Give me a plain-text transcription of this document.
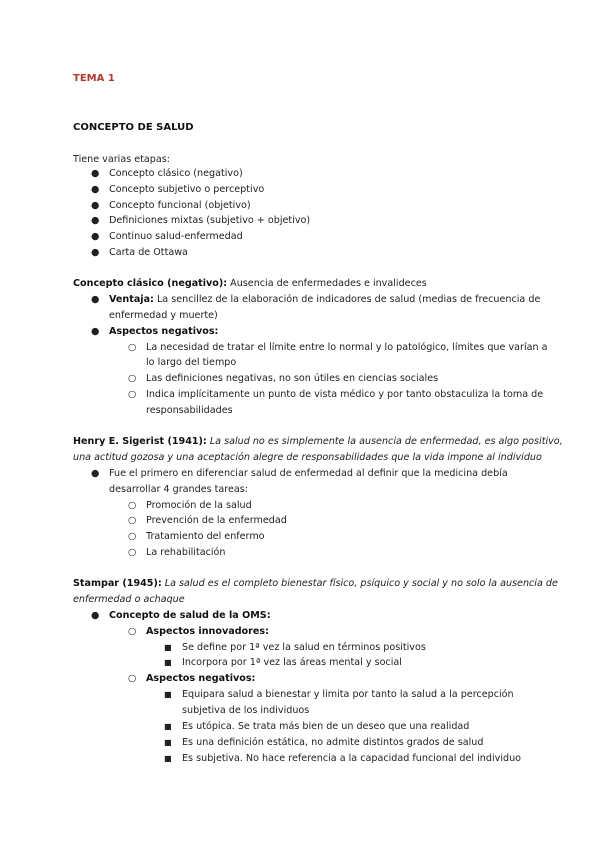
TEMA 1
CONCEPTO DE SALUD
Tiene varias etapas:
● Concepto clásico (negativo)
● Concepto subjetivo o perceptivo
● Concepto funcional (objetivo)
● Definiciones mixtas (subjetivo + objetivo)
● Continuo salud-enfermedad
● Carta de Ottawa
Concepto clásico (negativo): Ausencia de enfermedades e invalideces
● Ventaja: La sencillez de la elaboración de indicadores de salud (medias de frecuencia de
enfermedad y muerte)
● Aspectos negativos:
○ La necesidad de tratar el límite entre lo normal y lo patológico, límites que varían a
lo largo del tiempo
○ Las definiciones negativas, no son útiles en ciencias sociales
○ Indica implícitamente un punto de vista médico y por tanto obstaculiza la toma de
responsabilidades
Henry E. Sigerist (1941): La salud no es simplemente la ausencia de enfermedad, es algo positivo,
una actitud gozosa y una aceptación alegre de responsabilidades que la vida impone al individuo
● Fue el primero en diferenciar salud de enfermedad al definir que la medicina debía
desarrollar 4 grandes tareas:
○ Promoción de la salud
○ Prevención de la enfermedad
○ Tratamiento del enfermo
○ La rehabilitación
Stampar (1945): La salud es el completo bienestar físico, psíquico y social y no solo la ausencia de
enfermedad o achaque
● Concepto de salud de la OMS:
○ Aspectos innovadores:
■ Se define por 1ª vez la salud en términos positivos
■ Incorpora por 1ª vez las áreas mental y social
○ Aspectos negativos:
■ Equipara salud a bienestar y limita por tanto la salud a la percepción
subjetiva de los individuos
■ Es utópica. Se trata más bien de un deseo que una realidad
■ Es una definición estática, no admite distintos grados de salud
■ Es subjetiva. No hace referencia a la capacidad funcional del individuo
